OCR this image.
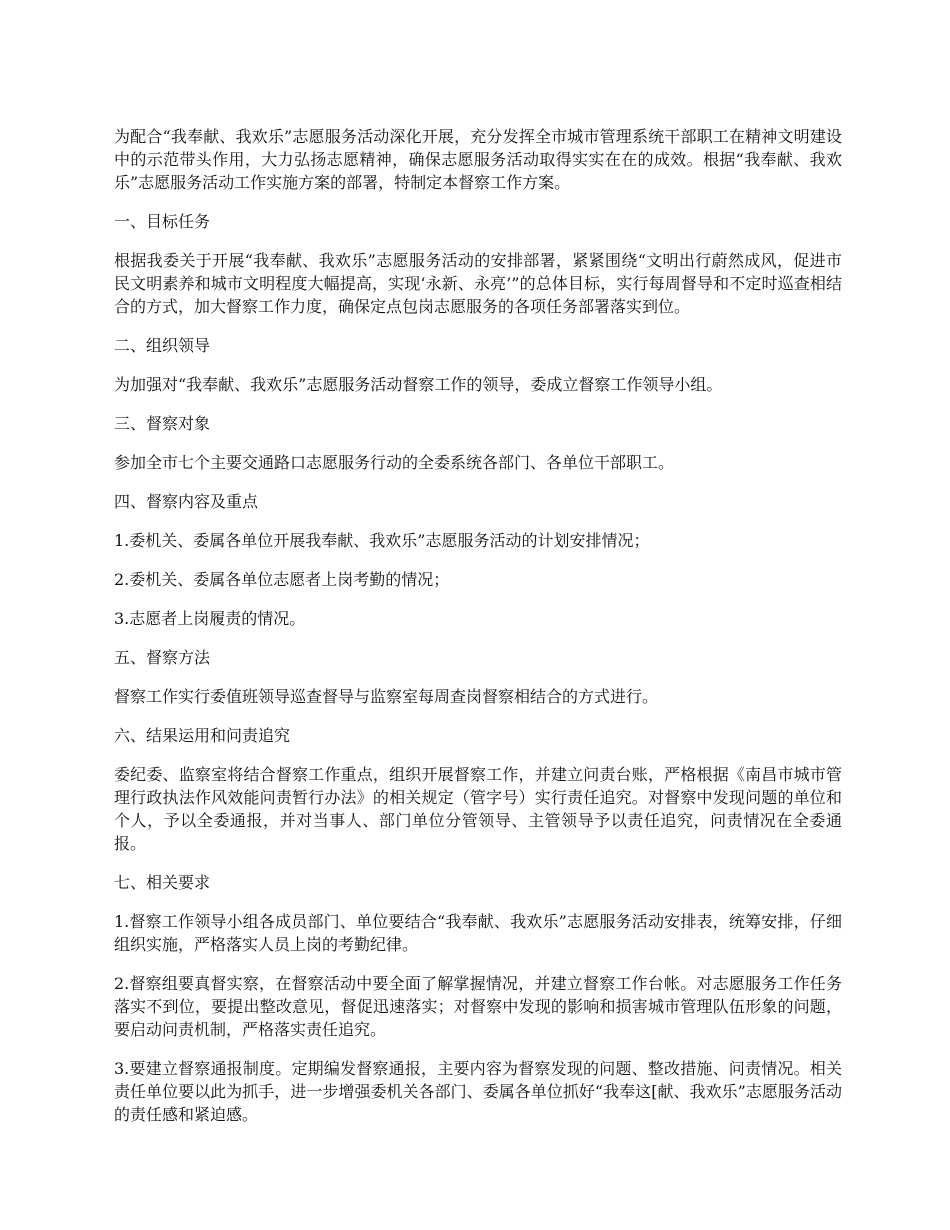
为配合“我奉献、我欢乐”志愿服务活动深化开展，充分发挥全市城市管理系统干部职工在精神文明建设中的示范带头作用，大力弘扬志愿精神，确保志愿服务活动取得实实在在的成效。根据“我奉献、我欢乐”志愿服务活动工作实施方案的部署，特制定本督察工作方案。

一、目标任务

根据我委关于开展“我奉献、我欢乐”志愿服务活动的安排部署，紧紧围绕“文明出行蔚然成风，促进市民文明素养和城市文明程度大幅提高，实现‘永新、永亮’”的总体目标，实行每周督导和不定时巡查相结合的方式，加大督察工作力度，确保定点包岗志愿服务的各项任务部署落实到位。

二、组织领导

为加强对“我奉献、我欢乐”志愿服务活动督察工作的领导，委成立督察工作领导小组。

三、督察对象

参加全市七个主要交通路口志愿服务行动的全委系统各部门、各单位干部职工。

四、督察内容及重点

1.委机关、委属各单位开展我奉献、我欢乐”志愿服务活动的计划安排情况；

2.委机关、委属各单位志愿者上岗考勤的情况；

3.志愿者上岗履责的情况。

五、督察方法

督察工作实行委值班领导巡查督导与监察室每周查岗督察相结合的方式进行。

六、结果运用和问责追究

委纪委、监察室将结合督察工作重点，组织开展督察工作，并建立问责台账，严格根据《南昌市城市管理行政执法作风效能问责暂行办法》的相关规定（管字号）实行责任追究。对督察中发现问题的单位和个人，予以全委通报，并对当事人、部门单位分管领导、主管领导予以责任追究，问责情况在全委通报。

七、相关要求

1.督察工作领导小组各成员部门、单位要结合“我奉献、我欢乐”志愿服务活动安排表，统筹安排，仔细组织实施，严格落实人员上岗的考勤纪律。

2.督察组要真督实察，在督察活动中要全面了解掌握情况，并建立督察工作台帐。对志愿服务工作任务落实不到位，要提出整改意见，督促迅速落实；对督察中发现的影响和损害城市管理队伍形象的问题，要启动问责机制，严格落实责任追究。

3.要建立督察通报制度。定期编发督察通报，主要内容为督察发现的问题、整改措施、问责情况。相关责任单位要以此为抓手，进一步增强委机关各部门、委属各单位抓好“我奉这[献、我欢乐”志愿服务活动的责任感和紧迫感。
